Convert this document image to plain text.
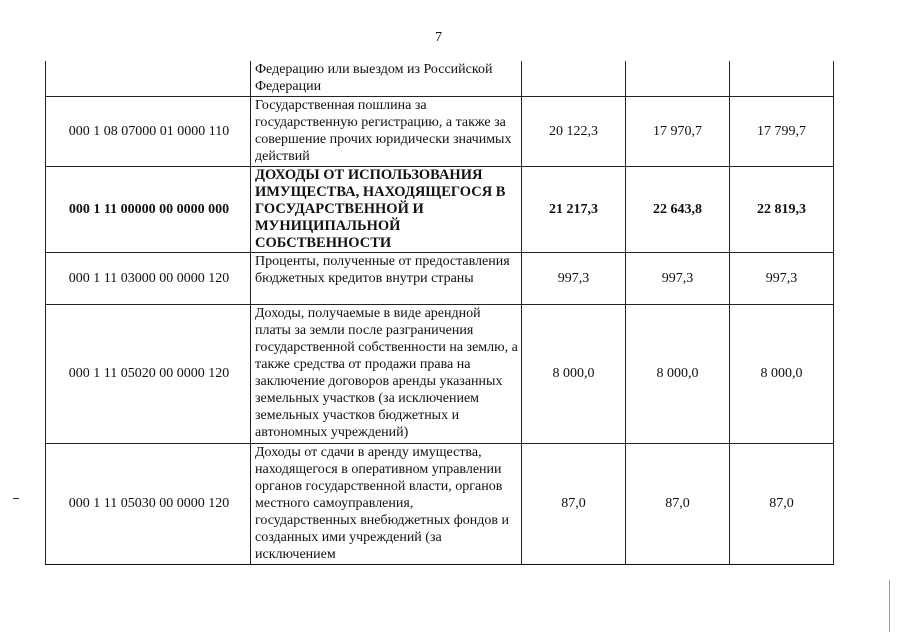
7
	Федерацию или выездом из Российской Федерации			
000 1 08 07000 01 0000 110	Государственная пошлина за государственную регистрацию, а также за совершение прочих юридически значимых действий	20 122,3	17 970,7	17 799,7
000 1 11 00000 00 0000 000	ДОХОДЫ ОТ ИСПОЛЬЗОВАНИЯ ИМУЩЕСТВА, НАХОДЯЩЕГОСЯ В ГОСУДАРСТВЕННОЙ И МУНИЦИПАЛЬНОЙ СОБСТВЕННОСТИ	21 217,3	22 643,8	22 819,3
000 1 11 03000 00 0000 120	Проценты, полученные от предоставления бюджетных кредитов внутри страны	997,3	997,3	997,3
000 1 11 05020 00 0000 120	Доходы, получаемые в виде арендной платы за земли после разграничения государственной собственности на землю, а также средства от продажи права на заключение договоров аренды указанных земельных участков (за исключением земельных участков бюджетных и автономных учреждений)	8 000,0	8 000,0	8 000,0
000 1 11 05030 00 0000 120	Доходы от сдачи в аренду имущества, находящегося в оперативном управлении органов государственной власти, органов местного самоуправления, государственных внебюджетных фондов и созданных ими учреждений (за исключением	87,0	87,0	87,0
